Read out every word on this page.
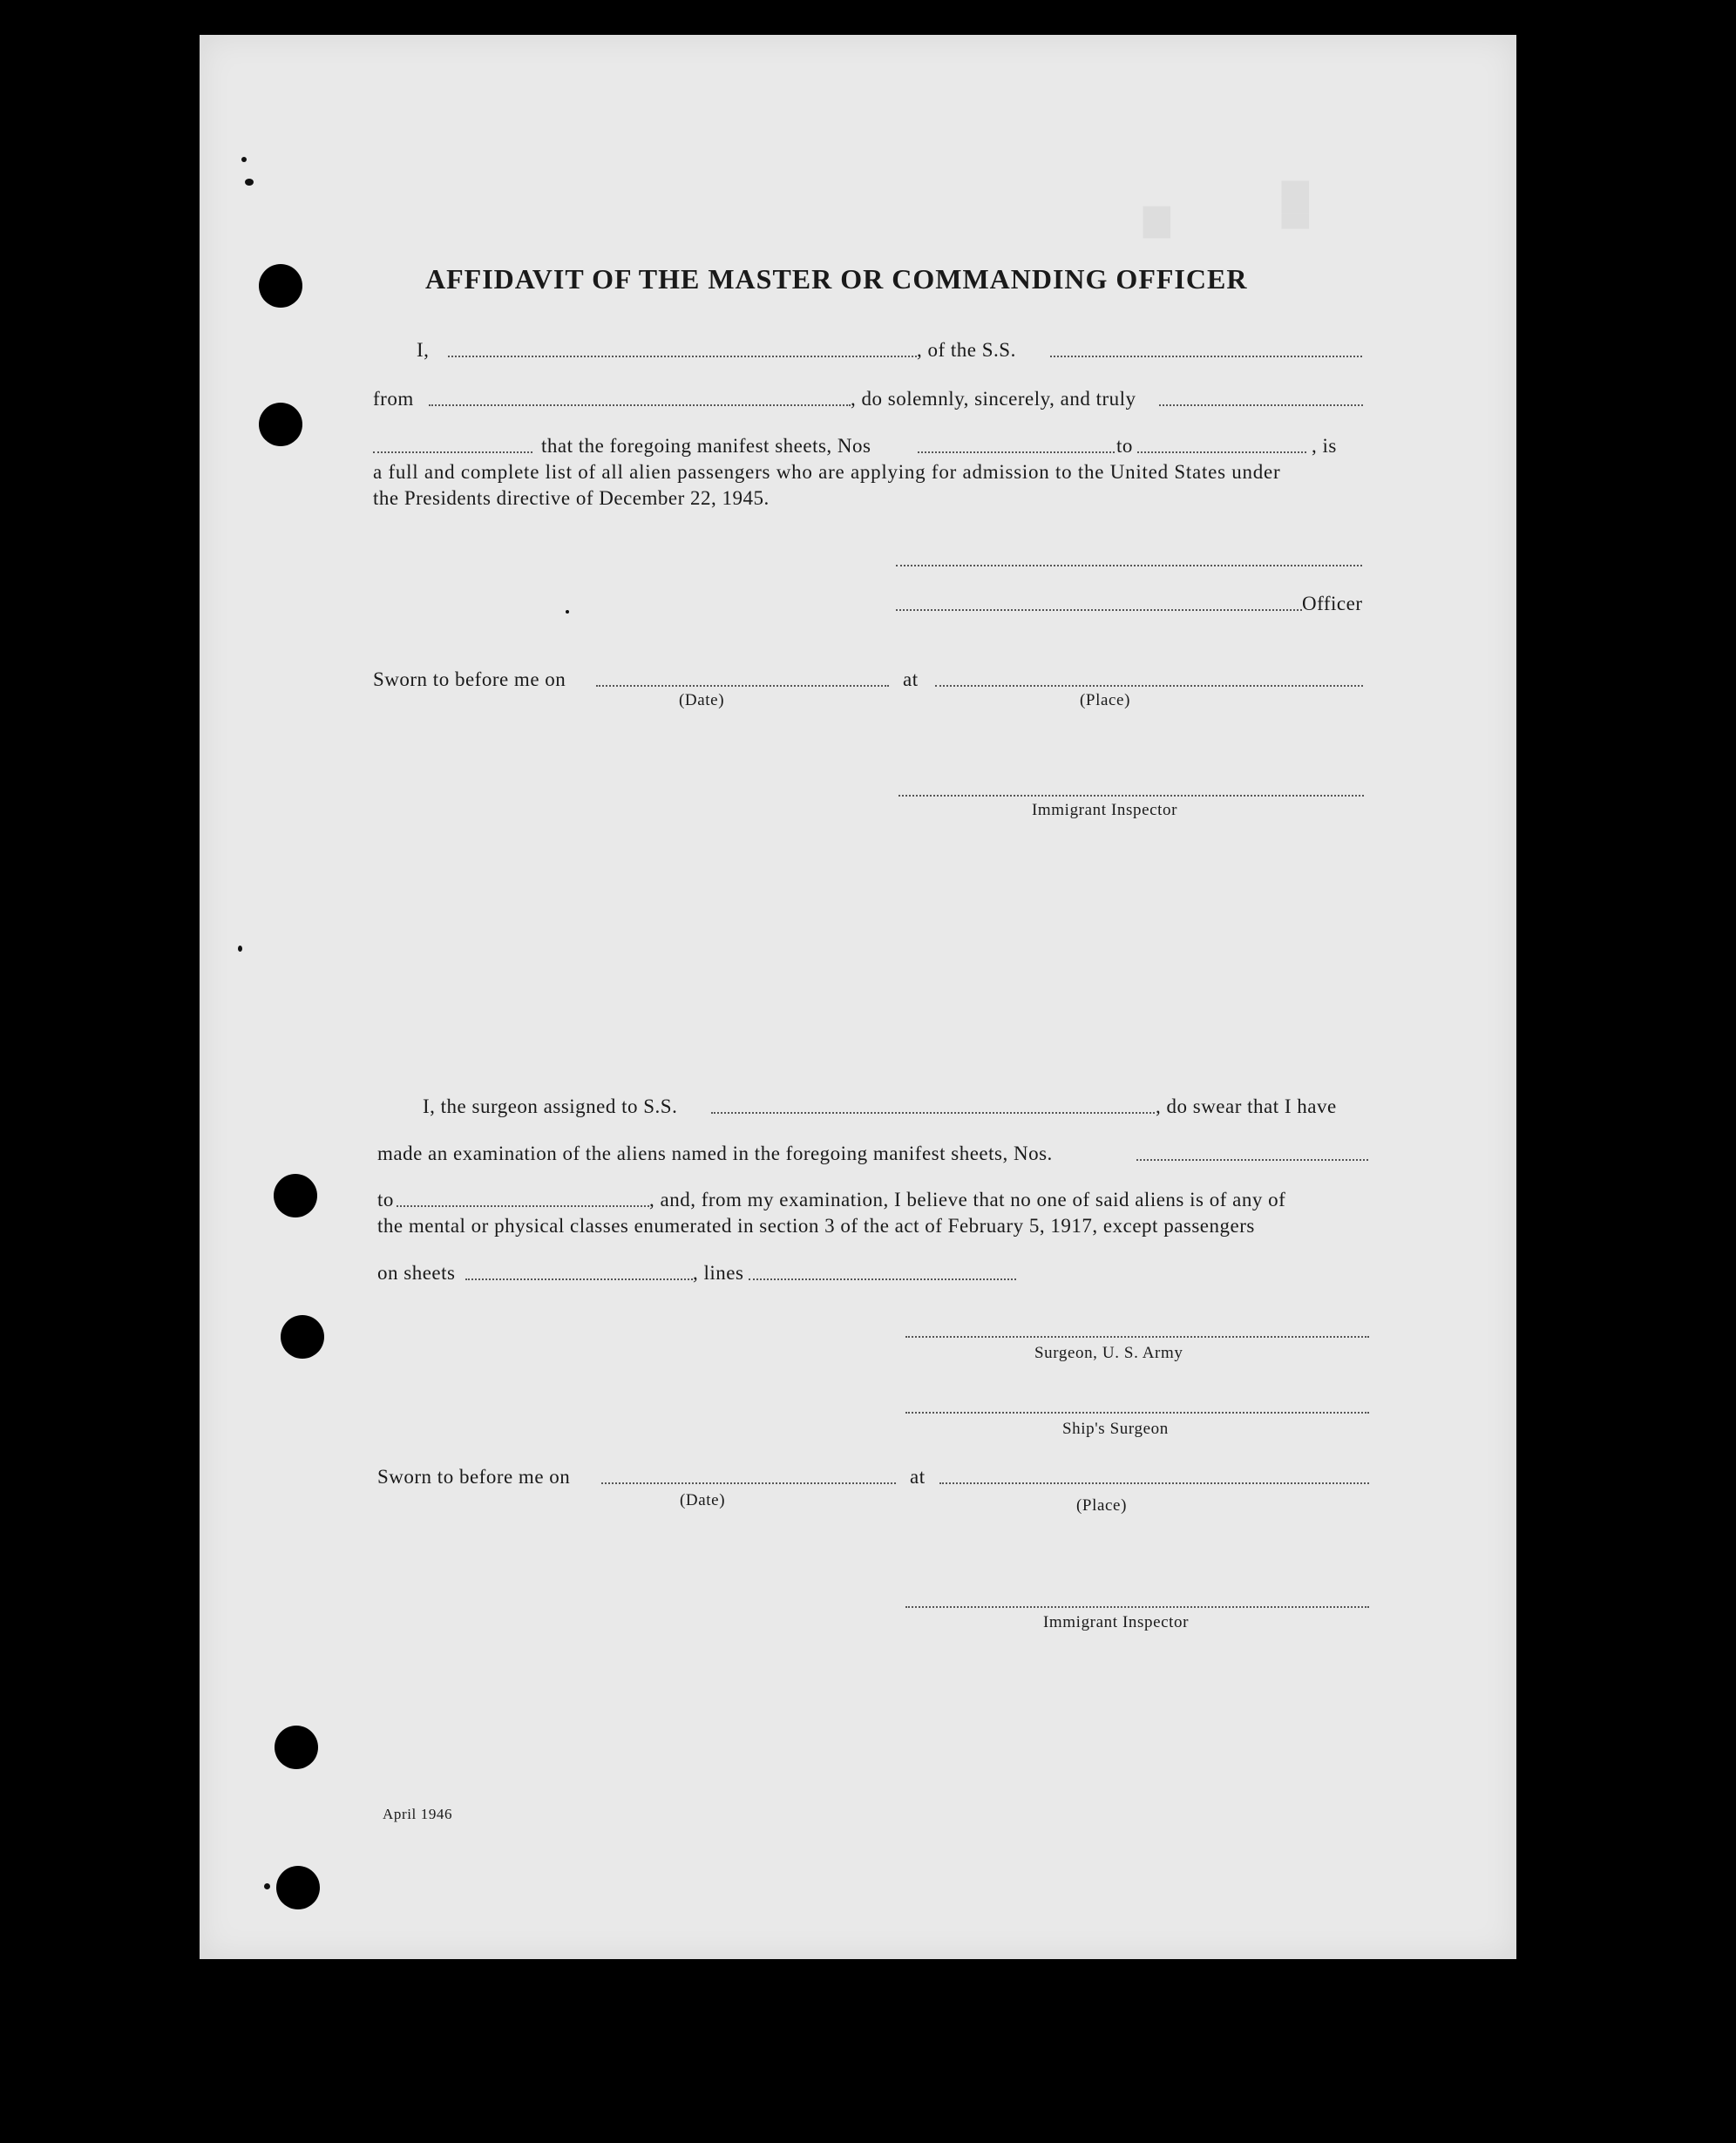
███
██
AFFIDAVIT OF THE MASTER OR COMMANDING OFFICER
I,	, of the S.S.
from	, do solemnly, sincerely, and truly
that the foregoing manifest sheets, Nos	to	, is
a full and complete list of all alien passengers who are applying for admission to the United States under
the Presidents directive of December 22, 1945.
Officer
Sworn to before me on	at
(Date)	(Place)
Immigrant Inspector
I, the surgeon assigned to S.S.	, do swear that I have
made an examination of the aliens named in the foregoing manifest sheets, Nos.
to	, and, from my examination, I believe that no one of said aliens is of any of
the mental or physical classes enumerated in section 3 of the act of February 5, 1917, except passengers
on sheets	, lines
Surgeon, U. S. Army
Ship's Surgeon
Sworn to before me on	at
(Date)	(Place)
Immigrant Inspector
April 1946
